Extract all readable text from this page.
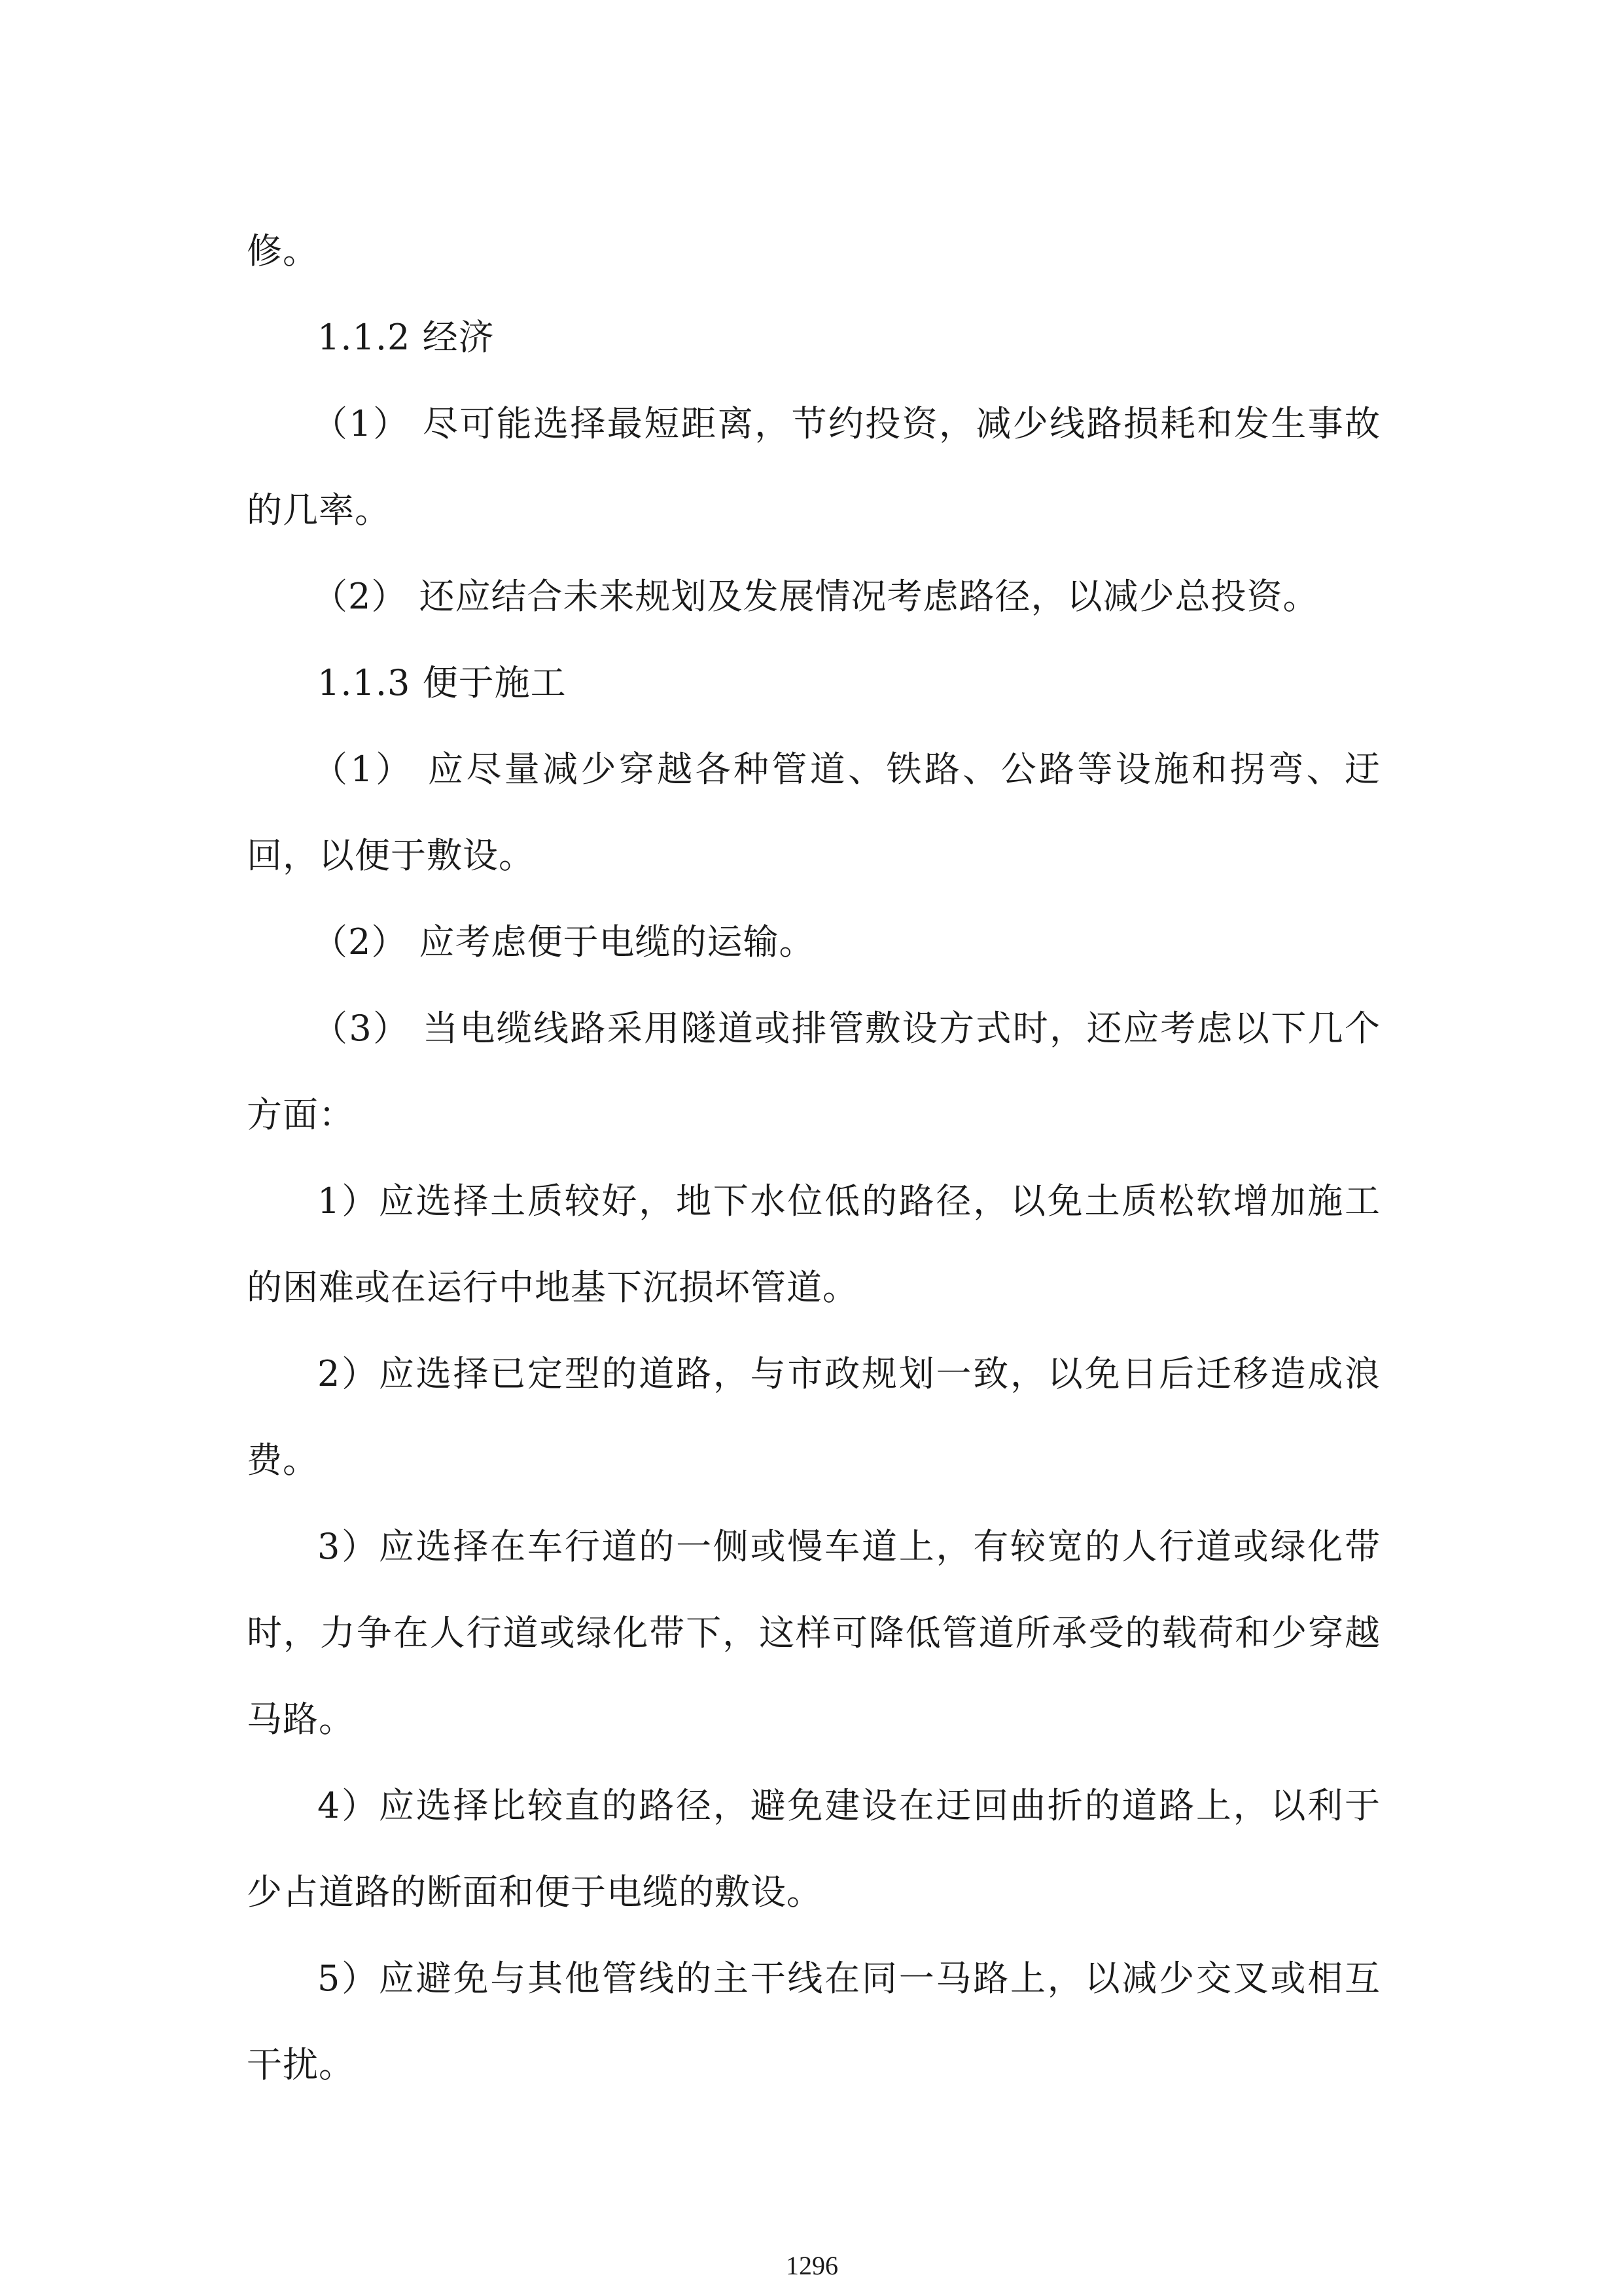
修。

1.1.2 经济

（1） 尽可能选择最短距离，节约投资，减少线路损耗和发生事故的几率。

（2） 还应结合未来规划及发展情况考虑路径，以减少总投资。

1.1.3 便于施工

（1） 应尽量减少穿越各种管道、铁路、公路等设施和拐弯、迂回，以便于敷设。

（2） 应考虑便于电缆的运输。

（3） 当电缆线路采用隧道或排管敷设方式时，还应考虑以下几个方面：

1）应选择土质较好，地下水位低的路径，以免土质松软增加施工的困难或在运行中地基下沉损坏管道。

2）应选择已定型的道路，与市政规划一致，以免日后迁移造成浪费。

3）应选择在车行道的一侧或慢车道上，有较宽的人行道或绿化带时，力争在人行道或绿化带下，这样可降低管道所承受的载荷和少穿越马路。

4）应选择比较直的路径，避免建设在迂回曲折的道路上，以利于少占道路的断面和便于电缆的敷设。

5）应避免与其他管线的主干线在同一马路上，以减少交叉或相互干扰。

1296
